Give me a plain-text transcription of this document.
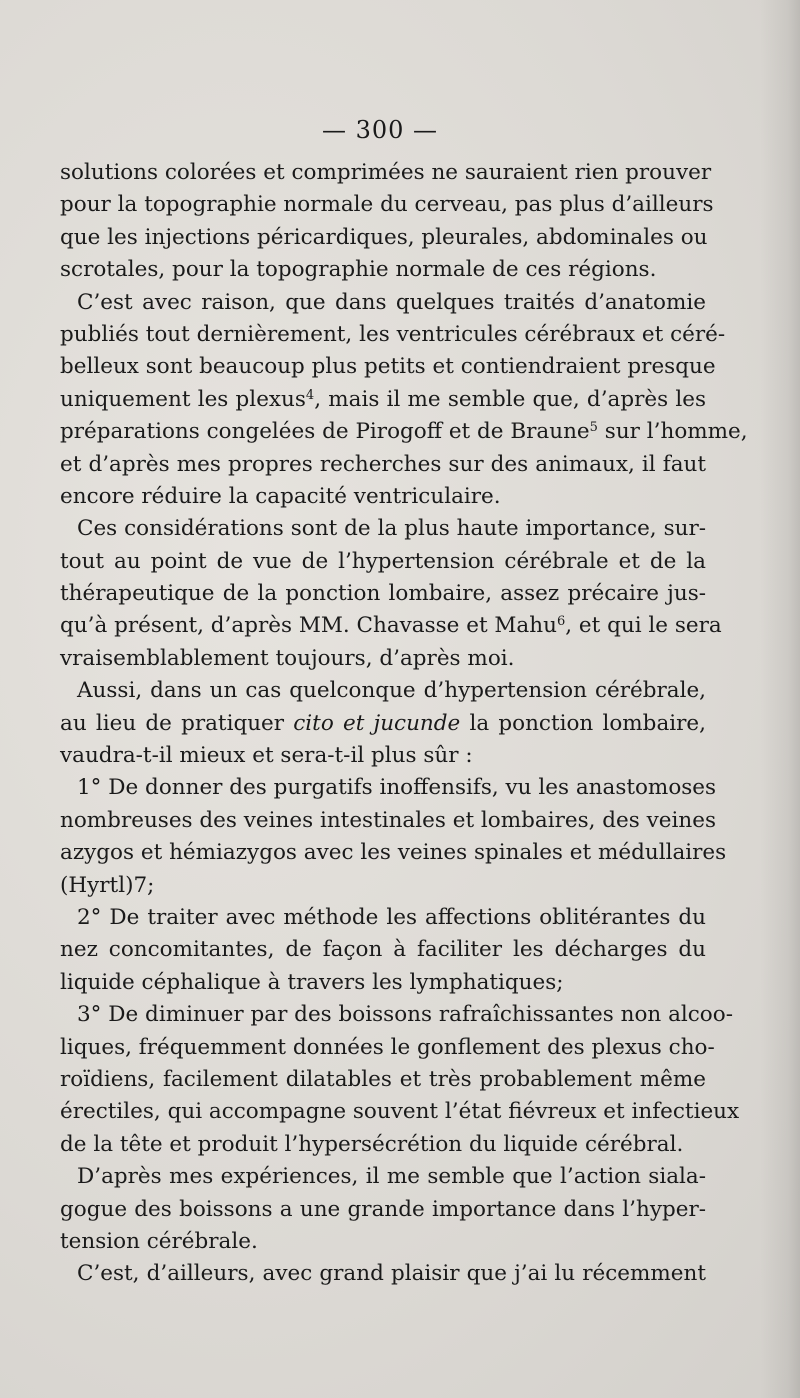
— 300 —
solutions colorées et comprimées ne sauraient rien prouver
pour la topographie normale du cerveau, pas plus d’ailleurs
que les injections péricardiques, pleurales, abdominales ou
scrotales, pour la topographie normale de ces régions.
C’est avec raison, que dans quelques traités d’anatomie
publiés tout dernièrement, les ventricules cérébraux et céré-
belleux sont beaucoup plus petits et contiendraient presque
uniquement les plexus$^4$, mais il me semble que, d’après les
préparations congelées de Pirogoff et de Braune$^5$ sur l’homme,
et d’après mes propres recherches sur des animaux, il faut
encore réduire la capacité ventriculaire.
Ces considérations sont de la plus haute importance, sur-
tout au point de vue de l’hypertension cérébrale et de la
thérapeutique de la ponction lombaire, assez précaire jus-
qu’à présent, d’après MM. Chavasse et Mahu$^6$, et qui le sera
vraisemblablement toujours, d’après moi.
Aussi, dans un cas quelconque d’hypertension cérébrale,
au lieu de pratiquer cito et jucunde la ponction lombaire,
vaudra-t-il mieux et sera-t-il plus sûr :
1° De donner des purgatifs inoffensifs, vu les anastomoses
nombreuses des veines intestinales et lombaires, des veines
azygos et hémiazygos avec les veines spinales et médullaires
(Hyrtl)7;
2° De traiter avec méthode les affections oblitérantes du
nez concomitantes, de façon à faciliter les décharges du
liquide céphalique à travers les lymphatiques;
3° De diminuer par des boissons rafraîchissantes non alcoo-
liques, fréquemment données le gonflement des plexus cho-
roïdiens, facilement dilatables et très probablement même
érectiles, qui accompagne souvent l’état fiévreux et infectieux
de la tête et produit l’hypersécrétion du liquide cérébral.
D’après mes expériences, il me semble que l’action siala-
gogue des boissons a une grande importance dans l’hyper-
tension cérébrale.
C’est, d’ailleurs, avec grand plaisir que j’ai lu récemment
